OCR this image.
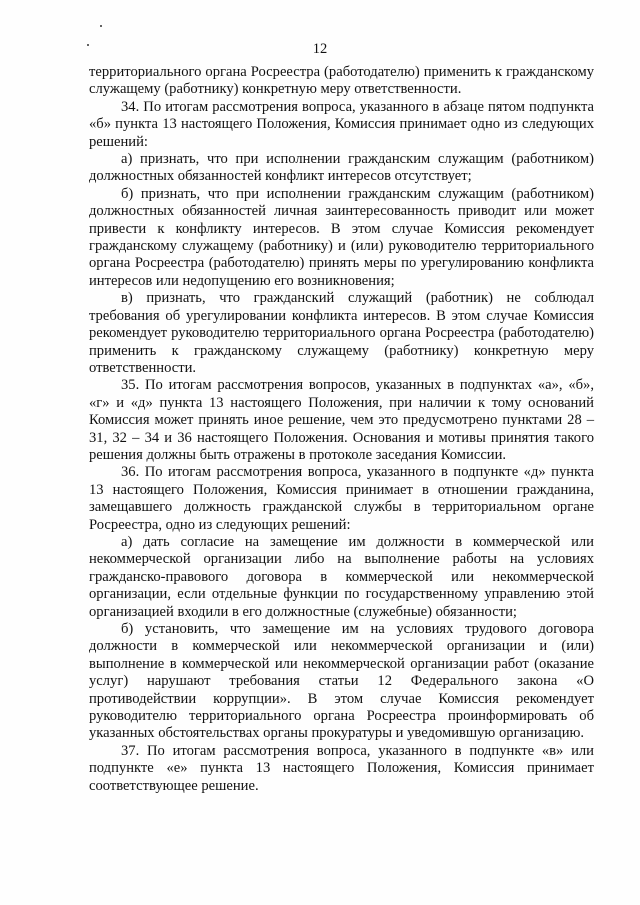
12

территориального органа Росреестра (работодателю) применить к гражданскому служащему (работнику) конкретную меру ответственности.

34. По итогам рассмотрения вопроса, указанного в абзаце пятом подпункта «б» пункта 13 настоящего Положения, Комиссия принимает одно из следующих решений:

а) признать, что при исполнении гражданским служащим (работником) должностных обязанностей конфликт интересов отсутствует;

б) признать, что при исполнении гражданским служащим (работником) должностных обязанностей личная заинтересованность приводит или может привести к конфликту интересов. В этом случае Комиссия рекомендует гражданскому служащему (работнику) и (или) руководителю территориального органа Росреестра (работодателю) принять меры по урегулированию конфликта интересов или недопущению его возникновения;

в) признать, что гражданский служащий (работник) не соблюдал требования об урегулировании конфликта интересов. В этом случае Комиссия рекомендует руководителю территориального органа Росреестра (работодателю) применить к гражданскому служащему (работнику) конкретную меру ответственности.

35. По итогам рассмотрения вопросов, указанных в подпунктах «а», «б», «г» и «д» пункта 13 настоящего Положения, при наличии к тому оснований Комиссия может принять иное решение, чем это предусмотрено пунктами 28 – 31, 32 – 34 и 36 настоящего Положения. Основания и мотивы принятия такого решения должны быть отражены в протоколе заседания Комиссии.

36. По итогам рассмотрения вопроса, указанного в подпункте «д» пункта 13 настоящего Положения, Комиссия принимает в отношении гражданина, замещавшего должность гражданской службы в территориальном органе Росреестра, одно из следующих решений:

а) дать согласие на замещение им должности в коммерческой или некоммерческой организации либо на выполнение работы на условиях гражданско-правового договора в коммерческой или некоммерческой организации, если отдельные функции по государственному управлению этой организацией входили в его должностные (служебные) обязанности;

б) установить, что замещение им на условиях трудового договора должности в коммерческой или некоммерческой организации и (или) выполнение в коммерческой или некоммерческой организации работ (оказание услуг) нарушают требования статьи 12 Федерального закона «О противодействии коррупции». В этом случае Комиссия рекомендует руководителю территориального органа Росреестра проинформировать об указанных обстоятельствах органы прокуратуры и уведомившую организацию.

37. По итогам рассмотрения вопроса, указанного в подпункте «в» или подпункте «е» пункта 13 настоящего Положения, Комиссия принимает соответствующее решение.
